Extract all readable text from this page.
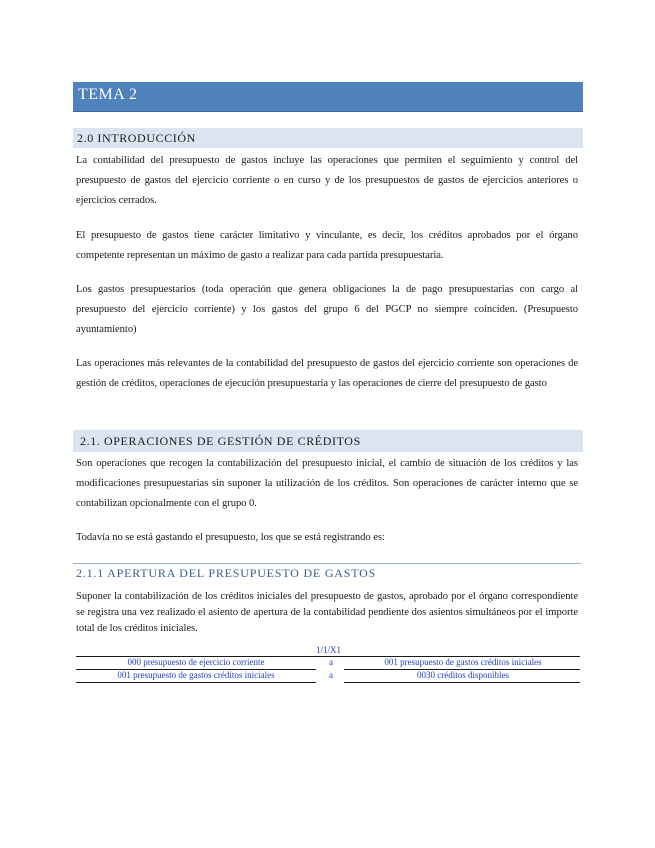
TEMA 2
2.0 INTRODUCCIÓN
La contabilidad del presupuesto de gastos incluye las operaciones que permiten el seguimiento y control del presupuesto de gastos del ejercicio corriente o en curso y de los presupuestos de gastos de ejercicios anteriores o ejercicios cerrados.
El presupuesto de gastos tiene carácter limitativo y vinculante, es decir, los créditos aprobados por el órgano competente representan un máximo de gasto a realizar para cada partida presupuestaria.
Los gastos presupuestarios (toda operación que genera obligaciones la de pago presupuestarias con cargo al presupuesto del ejercicio corriente) y los gastos del grupo 6 del PGCP no siempre coinciden. (Presupuesto ayuntamiento)
Las operaciones más relevantes de la contabilidad del presupuesto de gastos del ejercicio corriente son operaciones de gestión de créditos, operaciones de ejecución presupuestaria y las operaciones de cierre del presupuesto de gasto
2.1. OPERACIONES DE GESTIÓN DE CRÉDITOS
Son operaciones que recogen la contabilización del presupuesto inicial, el cambio de situación de los créditos y las modificaciones presupuestarias sin suponer la utilización de los créditos. Son operaciones de carácter interno que se contabilizan opcionalmente con el grupo 0.
Todavía no se está gastando el presupuesto, los que se está registrando es:
2.1.1 APERTURA DEL PRESUPUESTO DE GASTOS
Suponer la contabilización de los créditos iniciales del presupuesto de gastos, aprobado por el órgano correspondiente se registra una vez realizado el asiento de apertura de la contabilidad pendiente dos asientos simultáneos por el importe total de los créditos iniciales.
1/1/X1
000 presupuesto de ejercicio corriente	a	001 presupuesto de gastos créditos iniciales
001 presupuesto de gastos créditos iniciales	a	0030 créditos disponibles
